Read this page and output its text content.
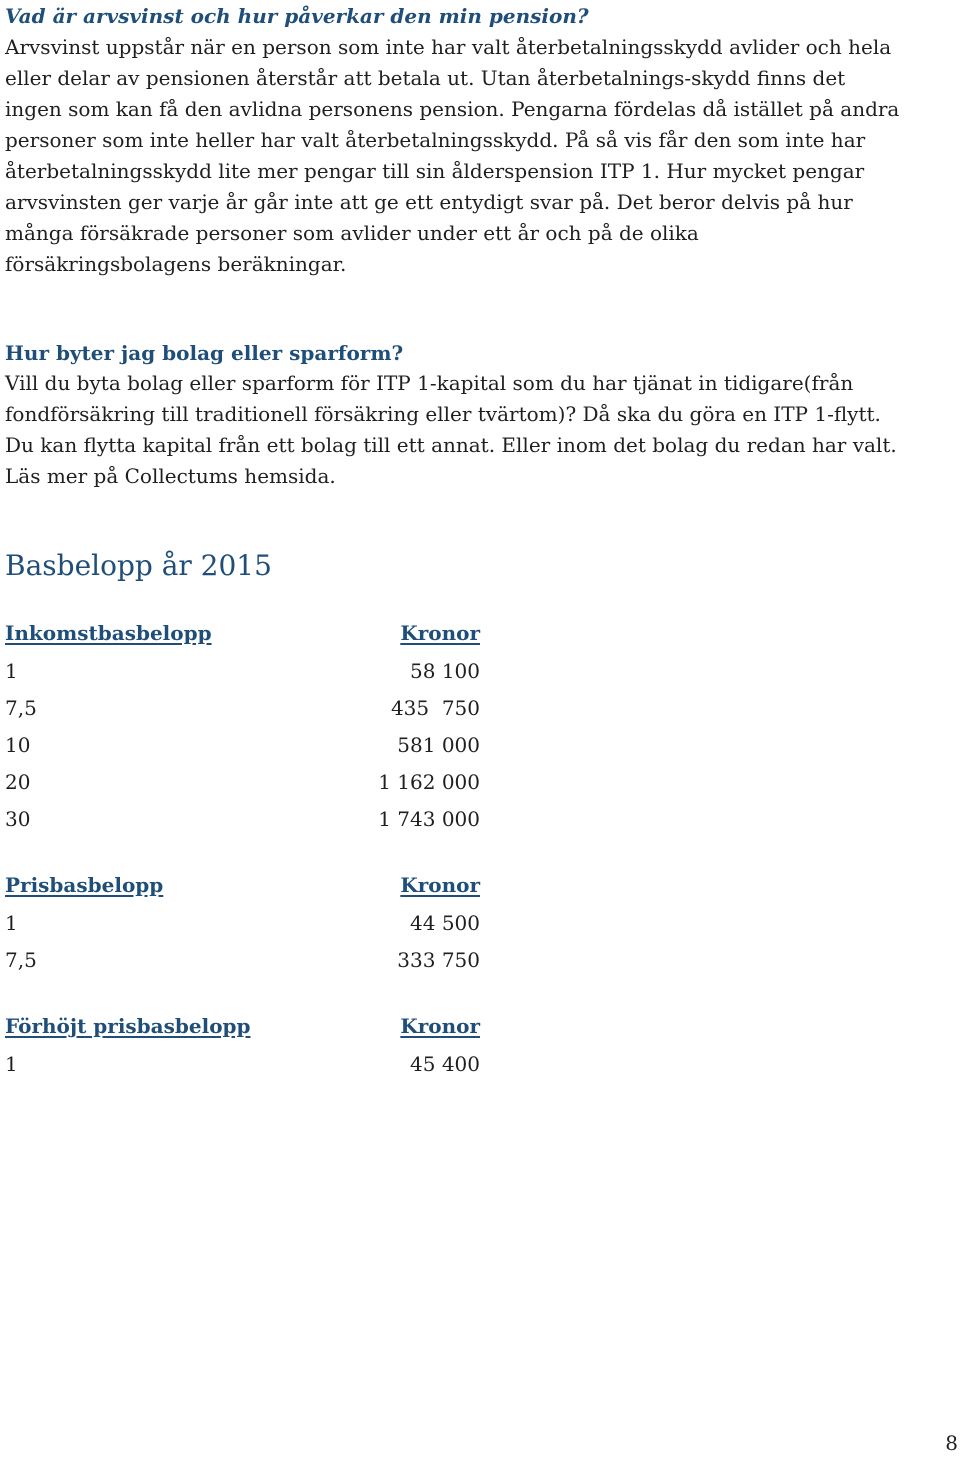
Vad är arvsvinst och hur påverkar den min pension?
Arvsvinst uppstår när en person som inte har valt återbetalningsskydd avlider och hela
eller delar av pensionen återstår att betala ut. Utan återbetalnings-skydd finns det
ingen som kan få den avlidna personens pension. Pengarna fördelas då istället på andra
personer som inte heller har valt återbetalningsskydd. På så vis får den som inte har
återbetalningsskydd lite mer pengar till sin ålderspension ITP 1. Hur mycket pengar
arvsvinsten ger varje år går inte att ge ett entydigt svar på. Det beror delvis på hur
många försäkrade personer som avlider under ett år och på de olika
försäkringsbolagens beräkningar.
Hur byter jag bolag eller sparform?
Vill du byta bolag eller sparform för ITP 1-kapital som du har tjänat in tidigare(från
fondförsäkring till traditionell försäkring eller tvärtom)? Då ska du göra en ITP 1-flytt.
Du kan flytta kapital från ett bolag till ett annat. Eller inom det bolag du redan har valt.
Läs mer på Collectums hemsida.
Basbelopp år 2015
Inkomstbasbelopp	Kronor
1	58 100
7,5	435  750
10	581 000
20	1 162 000
30	1 743 000
Prisbasbelopp	Kronor
1	44 500
7,5	333 750
Förhöjt prisbasbelopp	Kronor
1	45 400
8
